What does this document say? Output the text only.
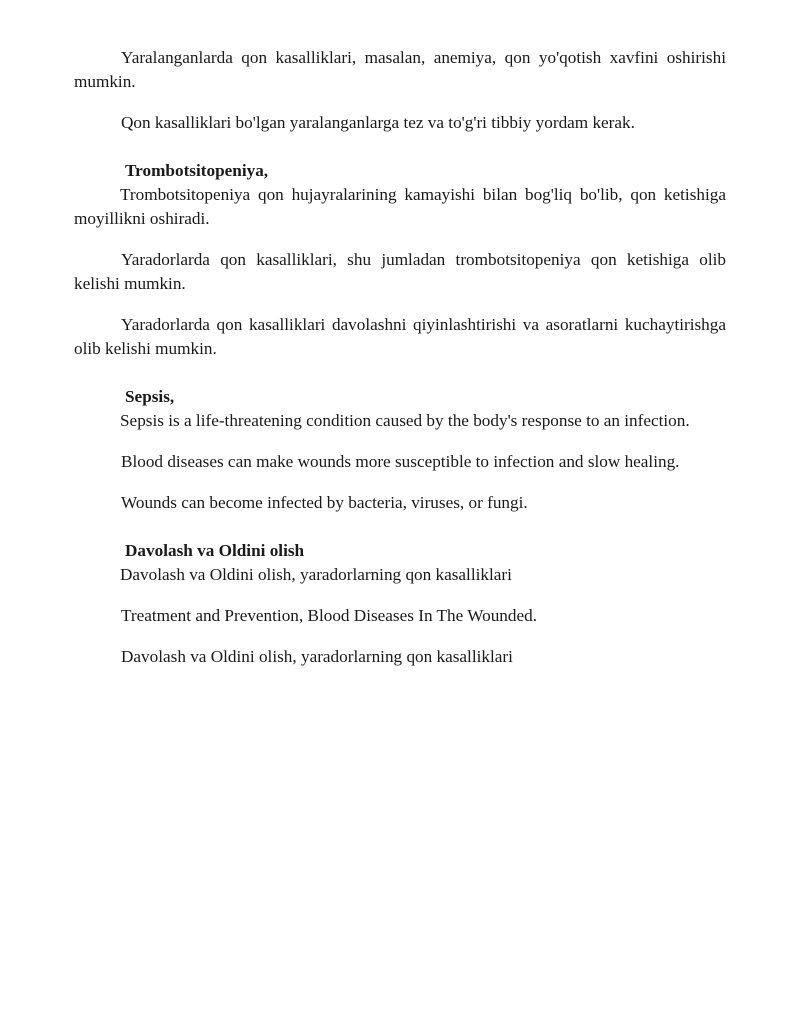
Yaralanganlarda qon kasalliklari, masalan, anemiya, qon yo'qotish xavfini oshirishi mumkin.

Qon kasalliklari bo'lgan yaralanganlarga tez va to'g'ri tibbiy yordam kerak.

Trombotsitopeniya,

Trombotsitopeniya qon hujayralarining kamayishi bilan bog'liq bo'lib, qon ketishiga moyillikni oshiradi.

Yaradorlarda qon kasalliklari, shu jumladan trombotsitopeniya qon ketishiga olib kelishi mumkin.

Yaradorlarda qon kasalliklari davolashni qiyinlashtirishi va asoratlarni kuchaytirishga olib kelishi mumkin.

Sepsis,

Sepsis is a life-threatening condition caused by the body's response to an infection.

Blood diseases can make wounds more susceptible to infection and slow healing.

Wounds can become infected by bacteria, viruses, or fungi.

Davolash va Oldini olish

Davolash va Oldini olish, yaradorlarning qon kasalliklari

Treatment and Prevention, Blood Diseases In The Wounded.

Davolash va Oldini olish, yaradorlarning qon kasalliklari
